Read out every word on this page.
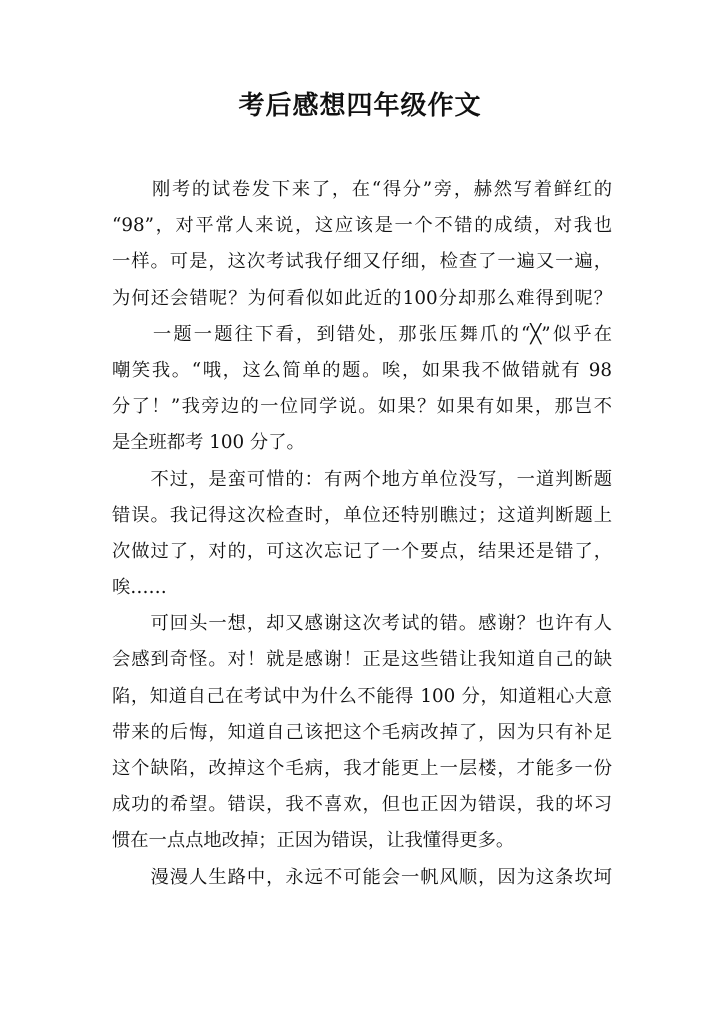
考后感想四年级作文
　　刚考的试卷发下来了，在“得分”旁，赫然写着鲜红的
“98”，对平常人来说，这应该是一个不错的成绩，对我也
一样。可是，这次考试我仔细又仔细，检查了一遍又一遍，
为何还会错呢？为何看似如此近的100分却那么难得到呢？
　　一题一题往下看，到错处，那张压舞爪的“╳”似乎在
嘲笑我。“哦，这么简单的题。唉，如果我不做错就有 98
分了！”我旁边的一位同学说。如果？如果有如果，那岂不
是全班都考 100 分了。
　　不过，是蛮可惜的：有两个地方单位没写，一道判断题
错误。我记得这次检查时，单位还特别瞧过；这道判断题上
次做过了，对的，可这次忘记了一个要点，结果还是错了，
唉……
　　可回头一想，却又感谢这次考试的错。感谢？也许有人
会感到奇怪。对！就是感谢！正是这些错让我知道自己的缺
陷，知道自己在考试中为什么不能得 100 分，知道粗心大意
带来的后悔，知道自己该把这个毛病改掉了，因为只有补足
这个缺陷，改掉这个毛病，我才能更上一层楼，才能多一份
成功的希望。错误，我不喜欢，但也正因为错误，我的坏习
惯在一点点地改掉；正因为错误，让我懂得更多。
　　漫漫人生路中，永远不可能会一帆风顺，因为这条坎坷
